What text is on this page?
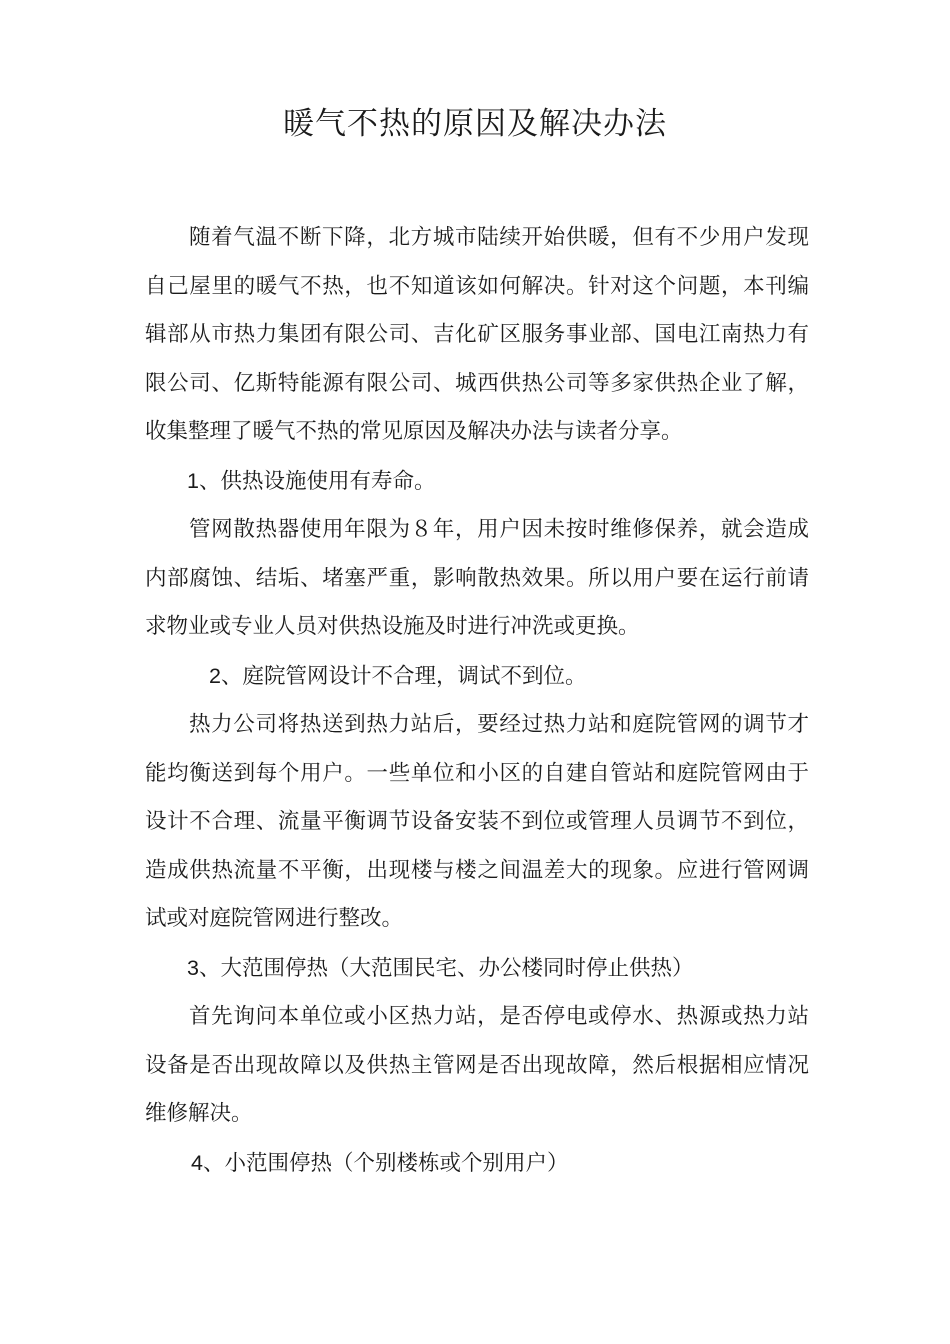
暖气不热的原因及解决办法

随着气温不断下降，北方城市陆续开始供暖，但有不少用户发现自己屋里的暖气不热，也不知道该如何解决。针对这个问题，本刊编辑部从市热力集团有限公司、吉化矿区服务事业部、国电江南热力有限公司、亿斯特能源有限公司、城西供热公司等多家供热企业了解，收集整理了暖气不热的常见原因及解决办法与读者分享。

1、供热设施使用有寿命。

管网散热器使用年限为８年，用户因未按时维修保养，就会造成内部腐蚀、结垢、堵塞严重，影响散热效果。所以用户要在运行前请求物业或专业人员对供热设施及时进行冲洗或更换。

2、庭院管网设计不合理，调试不到位。

热力公司将热送到热力站后，要经过热力站和庭院管网的调节才能均衡送到每个用户。一些单位和小区的自建自管站和庭院管网由于设计不合理、流量平衡调节设备安装不到位或管理人员调节不到位，造成供热流量不平衡，出现楼与楼之间温差大的现象。应进行管网调试或对庭院管网进行整改。

3、大范围停热（大范围民宅、办公楼同时停止供热）

首先询问本单位或小区热力站，是否停电或停水、热源或热力站设备是否出现故障以及供热主管网是否出现故障，然后根据相应情况维修解决。

4、小范围停热（个别楼栋或个别用户）
